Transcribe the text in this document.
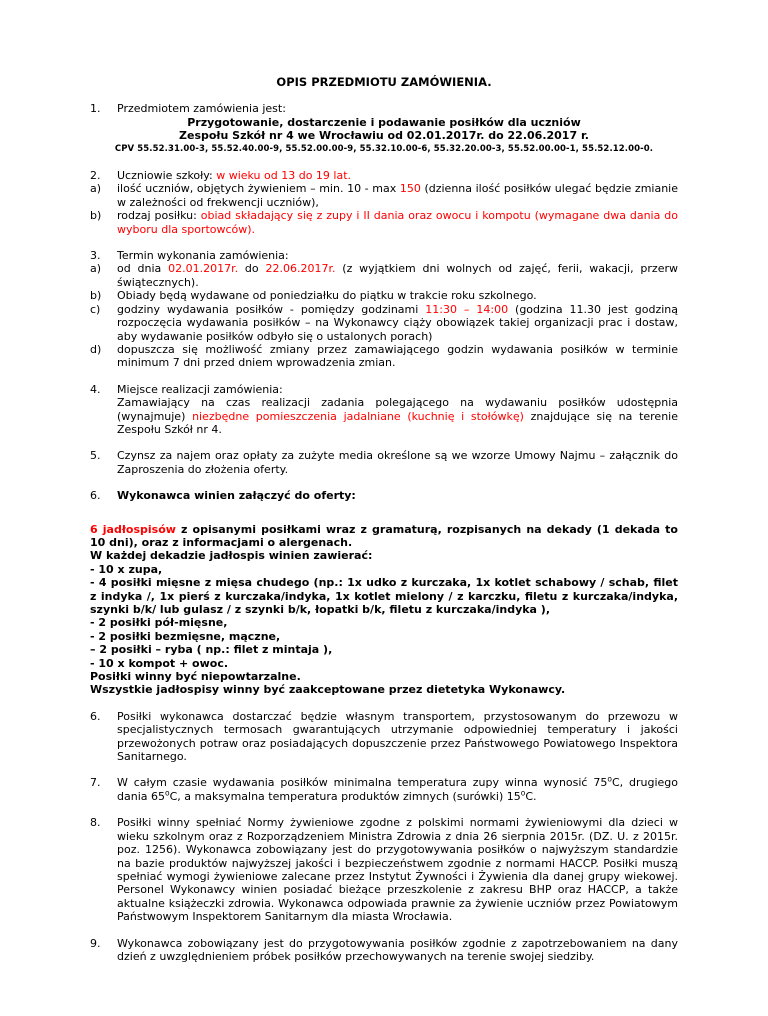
OPIS PRZEDMIOTU ZAMÓWIENIA.
1.	Przedmiotem zamówienia jest:
Przygotowanie, dostarczenie i podawanie posiłków dla uczniów
Zespołu Szkół nr 4 we Wrocławiu od 02.01.2017r. do 22.06.2017 r.
CPV 55.52.31.00-3, 55.52.40.00-9, 55.52.00.00-9, 55.32.10.00-6, 55.32.20.00-3, 55.52.00.00-1, 55.52.12.00-0.
2.	Uczniowie szkoły: w wieku od 13 do 19 lat.
a)	ilość uczniów, objętych żywieniem – min. 10 - max 150 (dzienna ilość posiłków ulegać będzie zmianie w zależności od frekwencji uczniów),
b)	rodzaj posiłku: obiad składający się z zupy i II dania oraz owocu i kompotu (wymagane dwa dania do wyboru dla sportowców).
3.	Termin wykonania zamówienia:
a)	od dnia 02.01.2017r. do 22.06.2017r. (z wyjątkiem dni wolnych od zajęć, ferii, wakacji, przerw świątecznych).
b)	Obiady będą wydawane od poniedziałku do piątku w trakcie roku szkolnego.
c)	godziny wydawania posiłków - pomiędzy godzinami 11:30 – 14:00 (godzina 11.30 jest godziną rozpoczęcia wydawania posiłków – na Wykonawcy ciąży obowiązek takiej organizacji prac i dostaw, aby wydawanie posiłków odbyło się o ustalonych porach)
d)	dopuszcza się możliwość zmiany przez zamawiającego godzin wydawania posiłków w terminie minimum 7 dni przed dniem wprowadzenia zmian.
4.	Miejsce realizacji zamówienia:
Zamawiający na czas realizacji zadania polegającego na wydawaniu posiłków udostępnia (wynajmuje) niezbędne pomieszczenia jadalniane (kuchnię i stołówkę) znajdujące się na terenie Zespołu Szkół nr 4.
5.	Czynsz za najem oraz opłaty za zużyte media określone są we wzorze Umowy Najmu – załącznik do Zaproszenia do złożenia oferty.
6.	Wykonawca winien załączyć do oferty:
6 jadłospisów z opisanymi posiłkami wraz z gramaturą, rozpisanych na dekady (1 dekada to 10 dni), oraz z informacjami o alergenach.
W każdej dekadzie jadłospis winien zawierać:
- 10 x zupa,
- 4 posiłki mięsne z mięsa chudego (np.: 1x udko z kurczaka, 1x kotlet schabowy / schab, filet z indyka /, 1x pierś z kurczaka/indyka, 1x kotlet mielony / z karczku, filetu z kurczaka/indyka, szynki b/k/ lub gulasz / z szynki b/k, łopatki b/k, filetu z kurczaka/indyka ),
- 2 posiłki pół-mięsne,
- 2 posiłki bezmięsne, mączne,
– 2 posiłki – ryba ( np.: filet z mintaja ),
- 10 x kompot + owoc.
Posiłki winny być niepowtarzalne.
Wszystkie jadłospisy winny być zaakceptowane przez dietetyka Wykonawcy.
6.	Posiłki wykonawca dostarczać będzie własnym transportem, przystosowanym do przewozu w specjalistycznych termosach gwarantujących utrzymanie odpowiedniej temperatury i jakości przewożonych potraw oraz posiadających dopuszczenie przez Państwowego Powiatowego Inspektora Sanitarnego.
7.	W całym czasie wydawania posiłków minimalna temperatura zupy winna wynosić 75$^o$C, drugiego dania 65$^o$C, a maksymalna temperatura produktów zimnych (surówki) 15$^o$C.
8.	Posiłki winny spełniać Normy żywieniowe zgodne z polskimi normami żywieniowymi dla dzieci w wieku szkolnym oraz z Rozporządzeniem Ministra Zdrowia z dnia 26 sierpnia 2015r. (DZ. U. z 2015r. poz. 1256). Wykonawca zobowiązany jest do przygotowywania posiłków o najwyższym standardzie na bazie produktów najwyższej jakości i bezpieczeństwem zgodnie z normami HACCP. Posiłki muszą spełniać wymogi żywieniowe zalecane przez Instytut Żywności i Żywienia dla danej grupy wiekowej. Personel Wykonawcy winien posiadać bieżące przeszkolenie z zakresu BHP oraz HACCP, a także aktualne książeczki zdrowia. Wykonawca odpowiada prawnie za żywienie uczniów przez Powiatowym Państwowym Inspektorem Sanitarnym dla miasta Wrocławia.
9.	Wykonawca zobowiązany jest do przygotowywania posiłków zgodnie z zapotrzebowaniem na dany dzień z uwzględnieniem próbek posiłków przechowywanych na terenie swojej siedziby.
